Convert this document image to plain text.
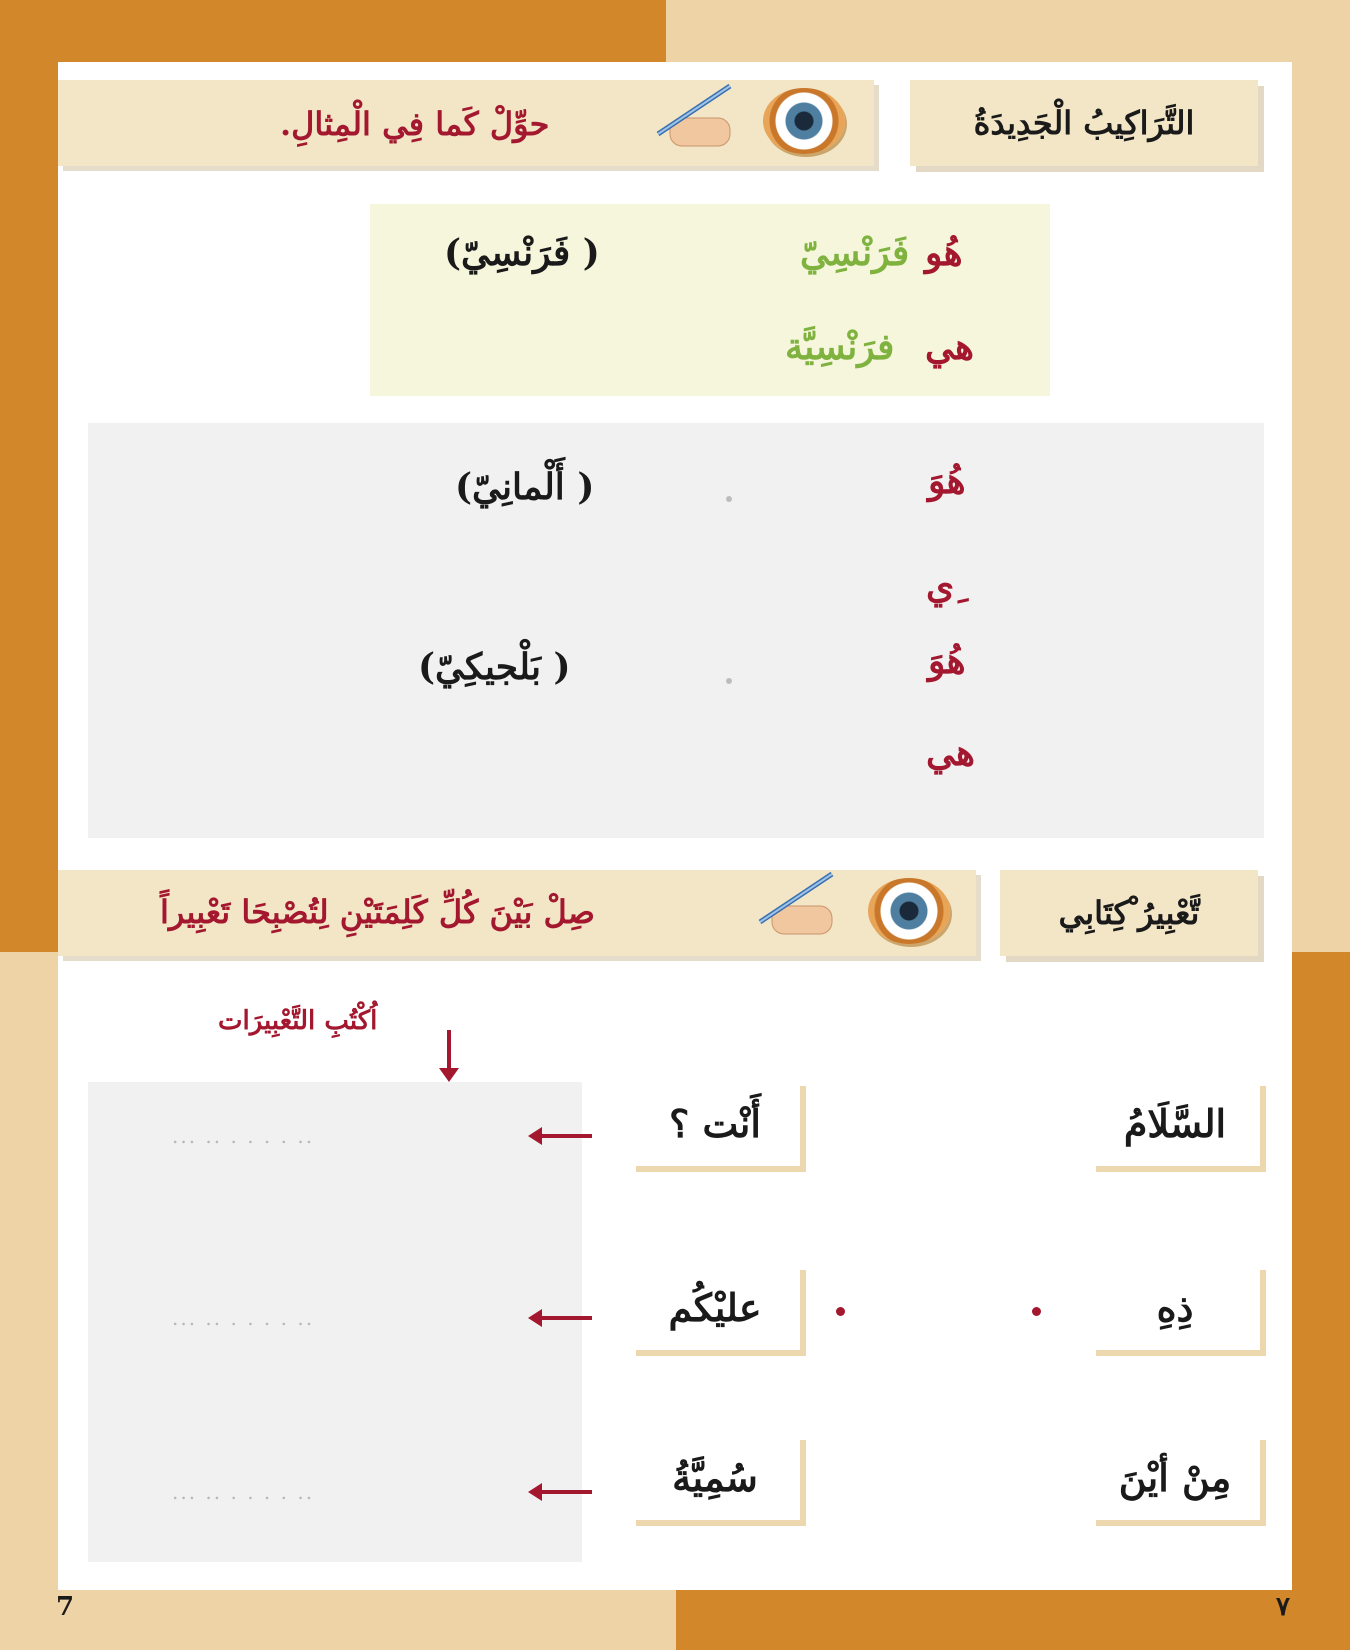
التَّرَاكِيبُ الْجَدِيدَةُ
حوِّلْ كَما فِي الْمِثالِ.
هُو
فَرَنْسِيّ
( فَرَنْسِيّ)
هي
فرَنْسِيَّة
هُوَ
( أَلْمانِيّ)
ِي
هُوَ
( بَلْجيكِيّ)
هي
تَّعْبِيرُ ْكِتَابِي
صِلْ بَيْنَ كُلِّ كَلِمَتَيْنِ لِتُصْبِحَا تَعْبِيراً
اُكْتُبِ التَّعْبِيرَات
... .. . . . . ..
... .. . . . . ..
... .. . . . . ..
أَنْت ؟
عليْكُم
سُمِيَّةُ
السَّلَامُ
ذِهِ
مِنْ أيْنَ
7	٧
